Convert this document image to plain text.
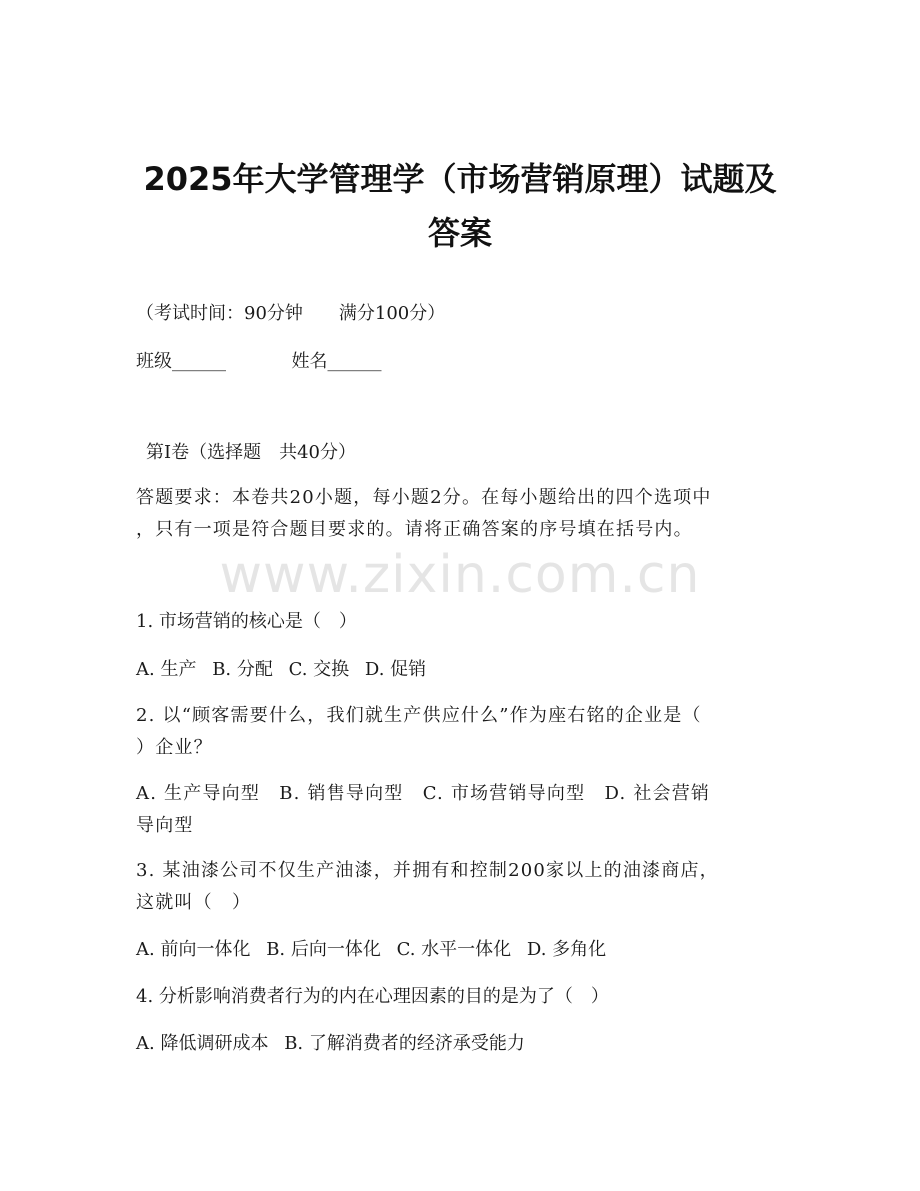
2025年大学管理学（市场营销原理）试题及
答案
（考试时间：90分钟　　满分100分）
班级______	姓名______
第Ⅰ卷（选择题　共40分）
答题要求：本卷共20小题，每小题2分。在每小题给出的四个选项中
，只有一项是符合题目要求的。请将正确答案的序号填在括号内。
www.zixin.com.cn
1. 市场营销的核心是（　）
A. 生产 B. 分配 C. 交换 D. 促销
2. 以“顾客需要什么，我们就生产供应什么”作为座右铭的企业是（
）企业？
A. 生产导向型　B. 销售导向型　C. 市场营销导向型　D. 社会营销
导向型
3. 某油漆公司不仅生产油漆，并拥有和控制200家以上的油漆商店，
这就叫（　）
A. 前向一体化 B. 后向一体化 C. 水平一体化 D. 多角化
4. 分析影响消费者行为的内在心理因素的目的是为了（　）
A. 降低调研成本 B. 了解消费者的经济承受能力
